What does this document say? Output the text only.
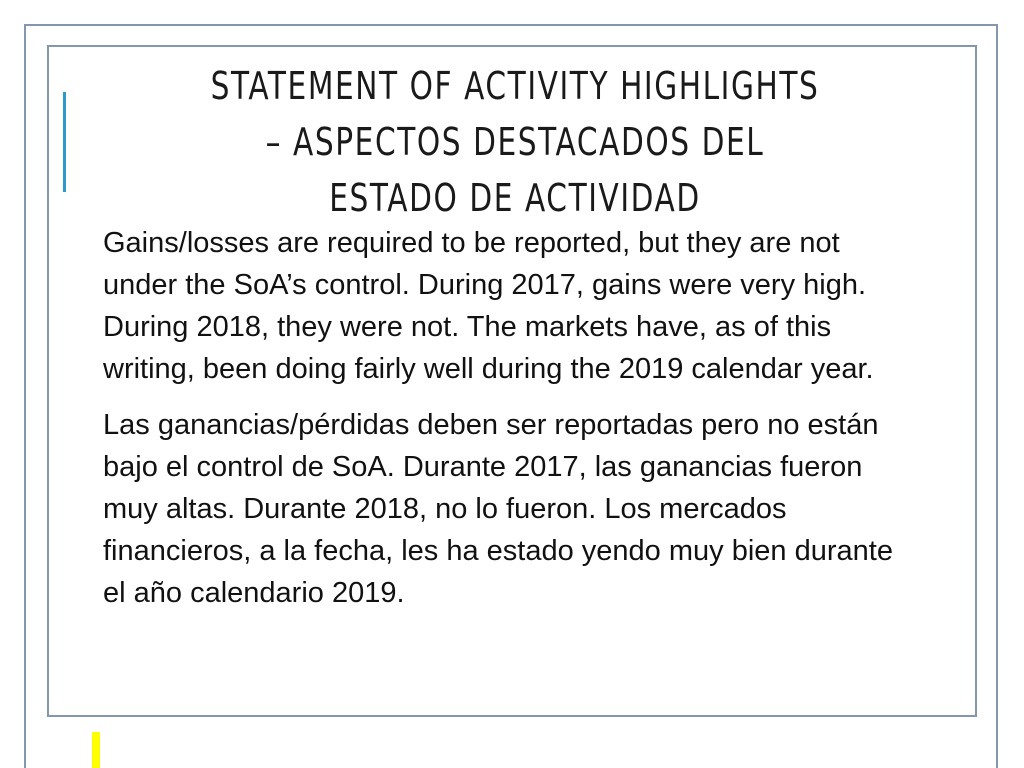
STATEMENT OF ACTIVITY HIGHLIGHTS – ASPECTOS DESTACADOS DEL ESTADO DE ACTIVIDAD

Gains/losses are required to be reported, but they are not under the SoA’s control. During 2017, gains were very high. During 2018, they were not. The markets have, as of this writing, been doing fairly well during the 2019 calendar year.

Las ganancias/pérdidas deben ser reportadas pero no están bajo el control de SoA. Durante 2017, las ganancias fueron muy altas. Durante 2018, no lo fueron. Los mercados financieros, a la fecha, les ha estado yendo muy bien durante el año calendario 2019.
